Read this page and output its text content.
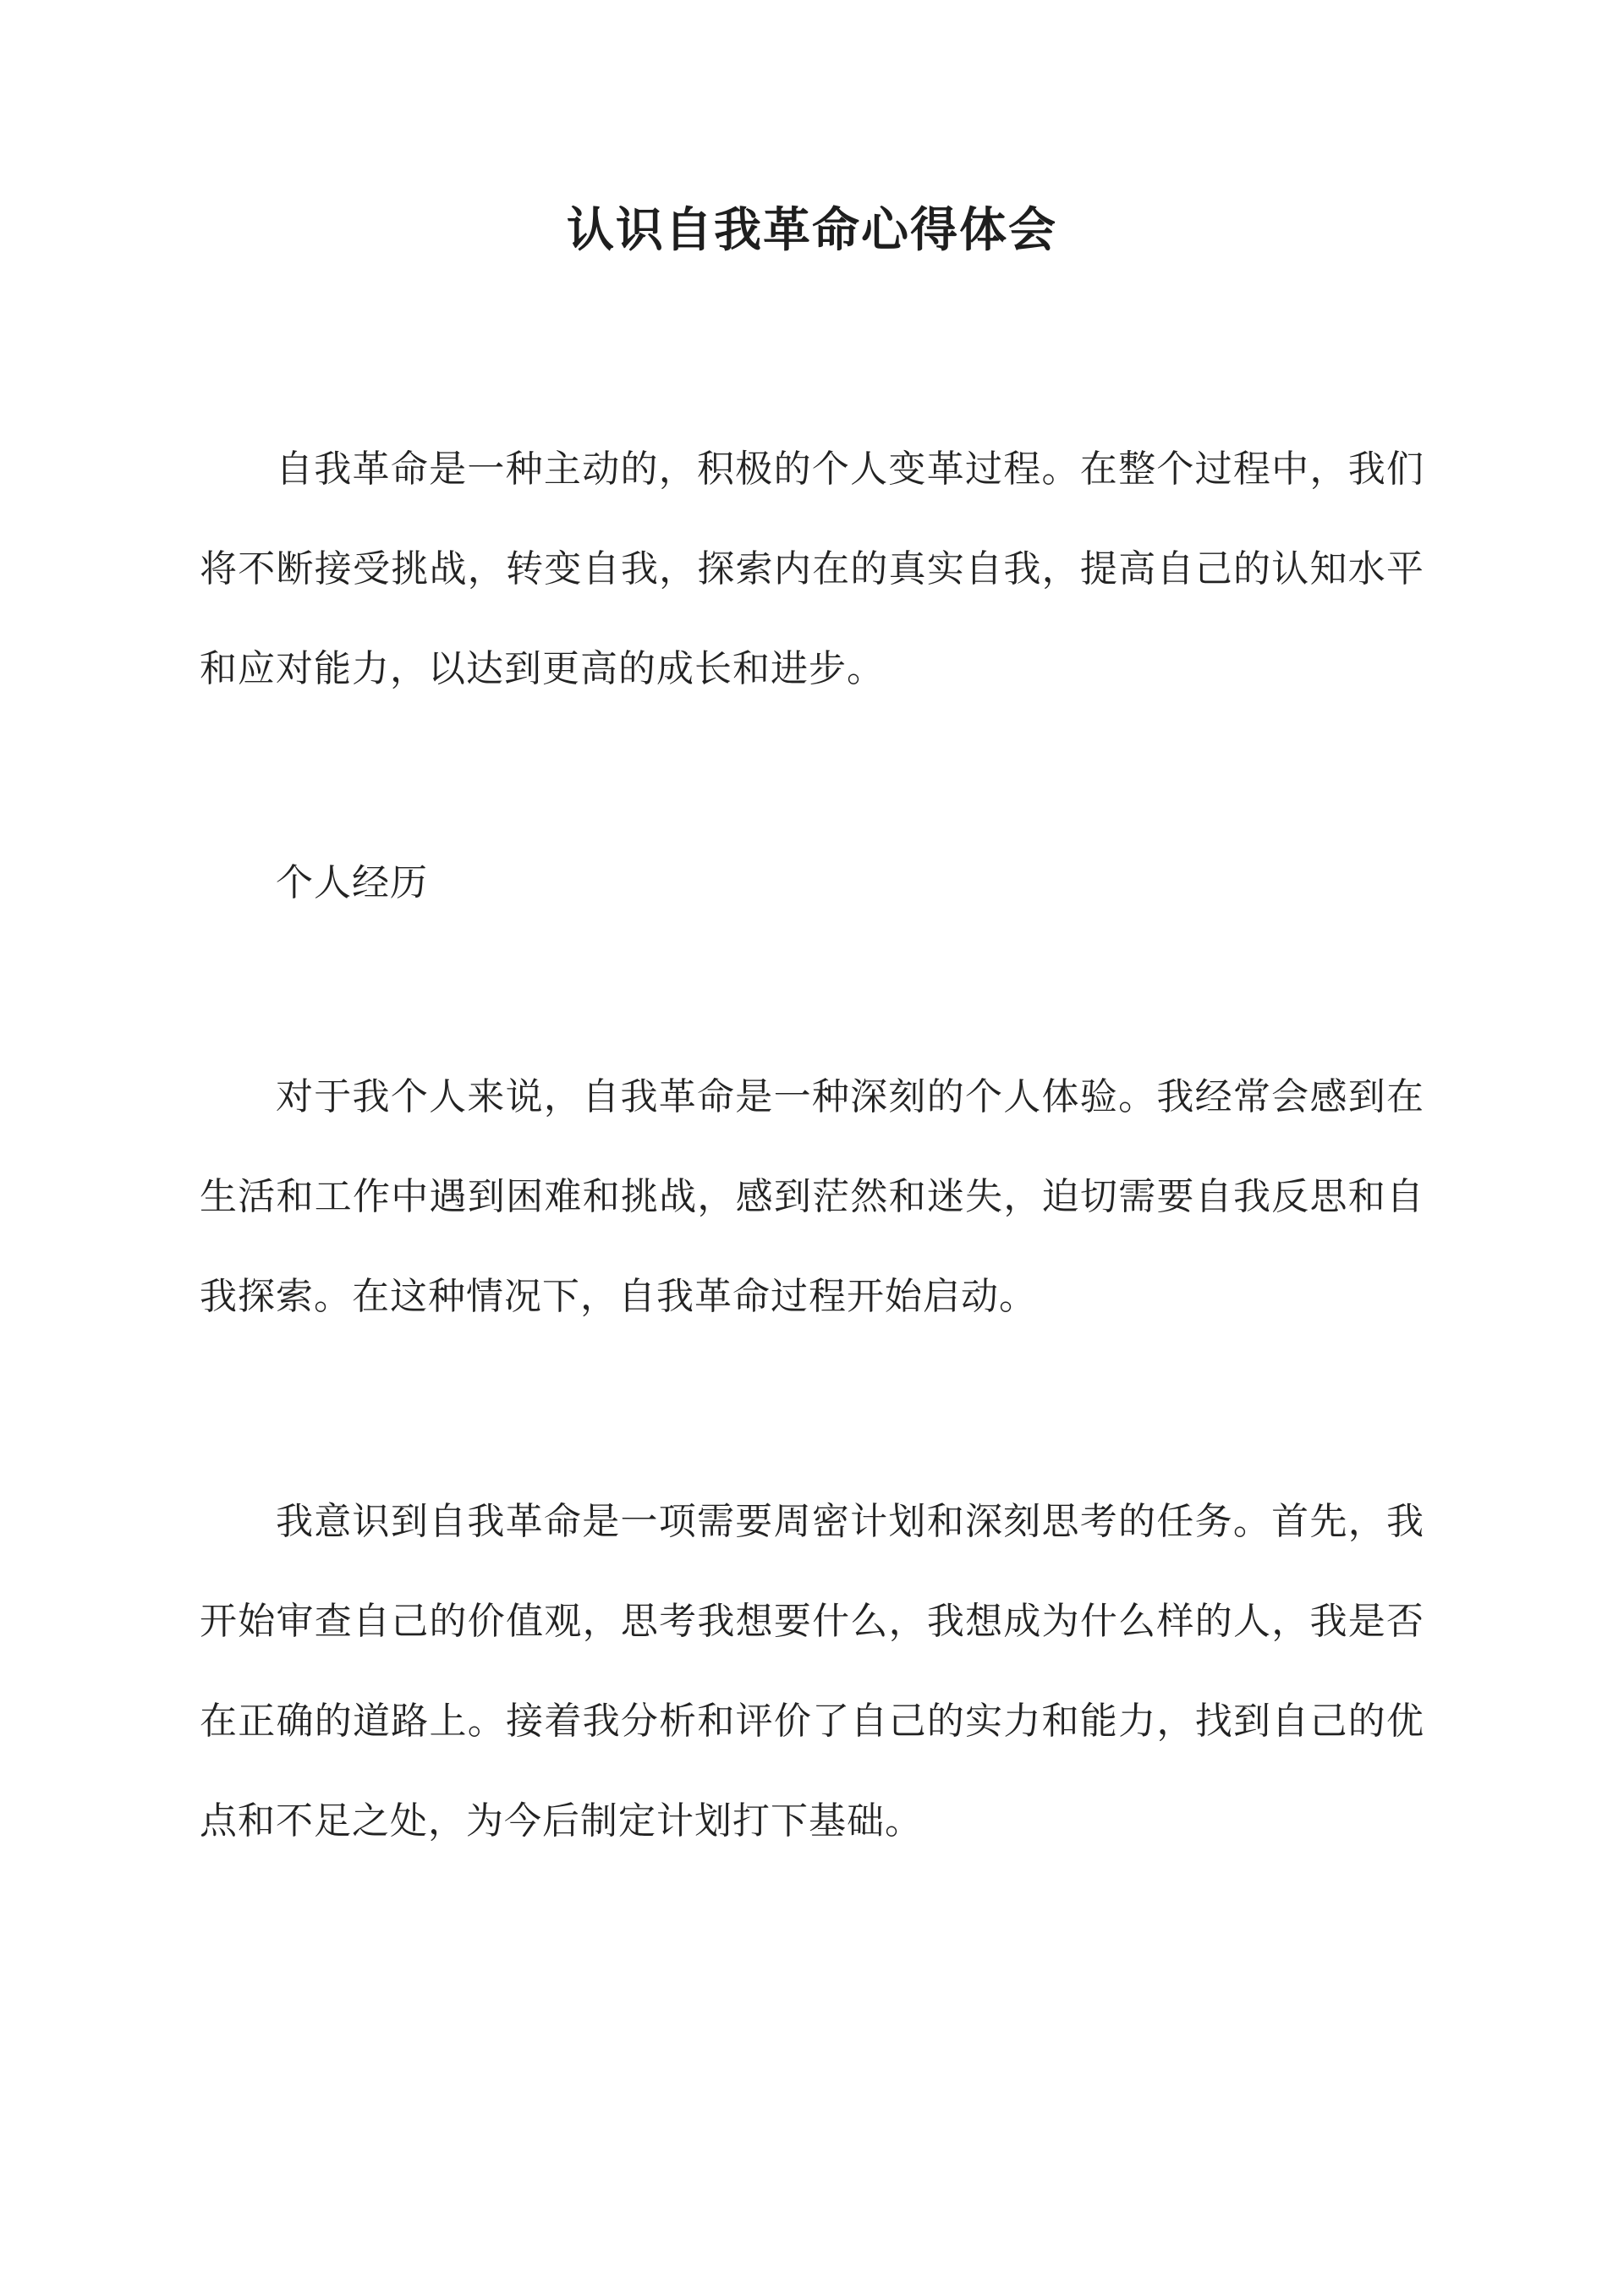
认识自我革命心得体会

自我革命是一种主动的，积极的个人变革过程。在整个过程中，我们将不断接受挑战，转变自我，探索内在的真实自我，提高自己的认知水平和应对能力，以达到更高的成长和进步。

个人经历

对于我个人来说，自我革命是一种深刻的个人体验。我经常会感到在生活和工作中遇到困难和挑战，感到茫然和迷失，迫切需要自我反思和自我探索。在这种情况下，自我革命过程开始启动。

我意识到自我革命是一项需要周密计划和深刻思考的任务。首先，我开始审查自己的价值观，思考我想要什么，我想成为什么样的人，我是否在正确的道路上。接着我分析和评价了自己的实力和能力，找到自己的优点和不足之处，为今后制定计划打下基础。
